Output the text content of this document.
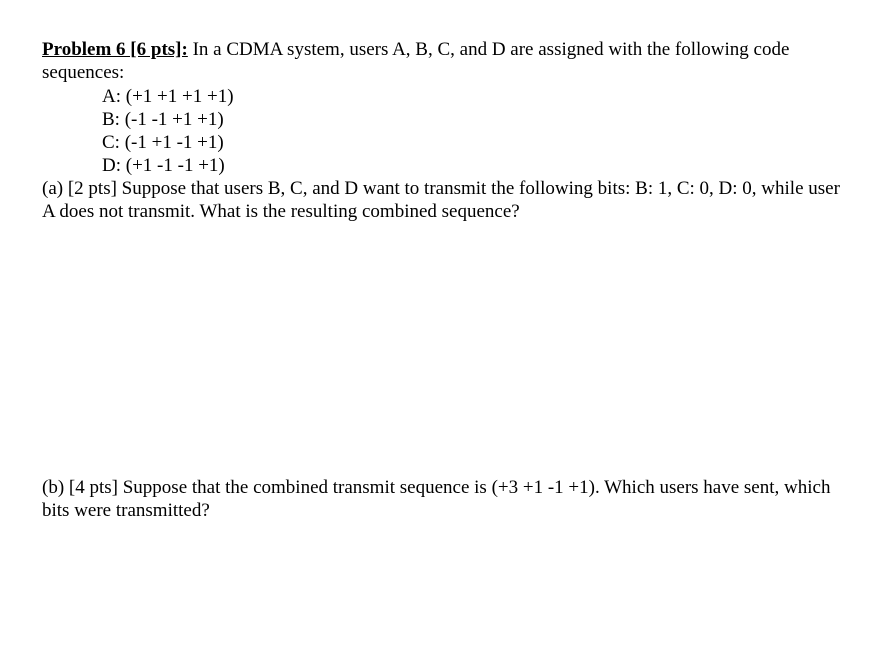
Problem 6 [6 pts]: In a CDMA system, users A, B, C, and D are assigned with the following code sequences:

A: (+1 +1 +1 +1)
B: (-1 -1 +1 +1)
C: (-1 +1 -1 +1)
D: (+1 -1 -1 +1)

(a) [2 pts] Suppose that users B, C, and D want to transmit the following bits: B: 1, C: 0, D: 0, while user A does not transmit. What is the resulting combined sequence?

(b) [4 pts] Suppose that the combined transmit sequence is (+3 +1 -1 +1). Which users have sent, which bits were transmitted?
